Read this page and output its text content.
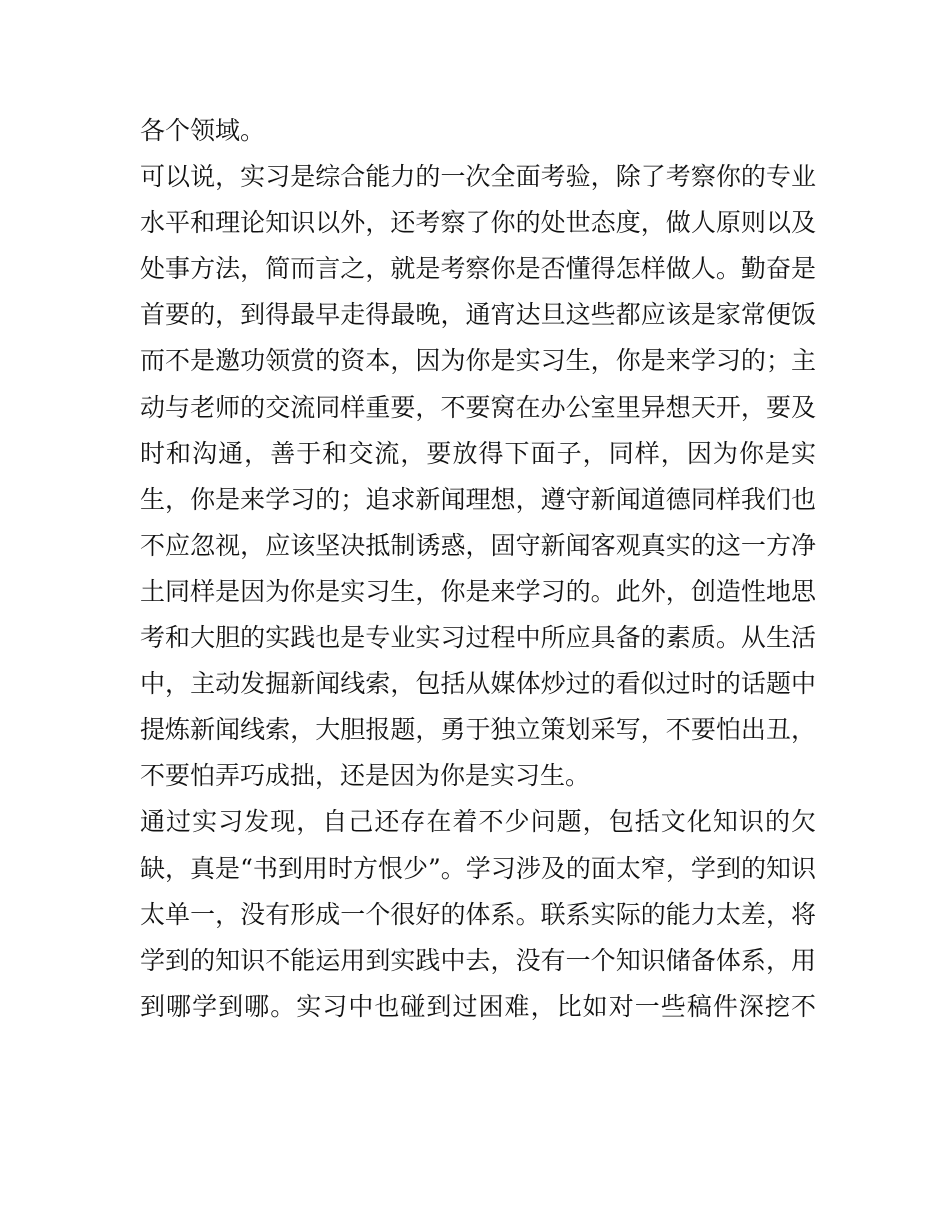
各个领域。
可以说，实习是综合能力的一次全面考验，除了考察你的专业
水平和理论知识以外，还考察了你的处世态度，做人原则以及
处事方法，简而言之，就是考察你是否懂得怎样做人。勤奋是
首要的，到得最早走得最晚，通宵达旦这些都应该是家常便饭
而不是邀功领赏的资本，因为你是实习生，你是来学习的；主
动与老师的交流同样重要，不要窝在办公室里异想天开，要及
时和沟通，善于和交流，要放得下面子，同样，因为你是实
生，你是来学习的；追求新闻理想，遵守新闻道德同样我们也
不应忽视，应该坚决抵制诱惑，固守新闻客观真实的这一方净
土同样是因为你是实习生，你是来学习的。此外，创造性地思
考和大胆的实践也是专业实习过程中所应具备的素质。从生活
中，主动发掘新闻线索，包括从媒体炒过的看似过时的话题中
提炼新闻线索，大胆报题，勇于独立策划采写，不要怕出丑，
不要怕弄巧成拙，还是因为你是实习生。
通过实习发现，自己还存在着不少问题，包括文化知识的欠
缺，真是“书到用时方恨少”。学习涉及的面太窄，学到的知识
太单一，没有形成一个很好的体系。联系实际的能力太差，将
学到的知识不能运用到实践中去，没有一个知识储备体系，用
到哪学到哪。实习中也碰到过困难，比如对一些稿件深挖不
